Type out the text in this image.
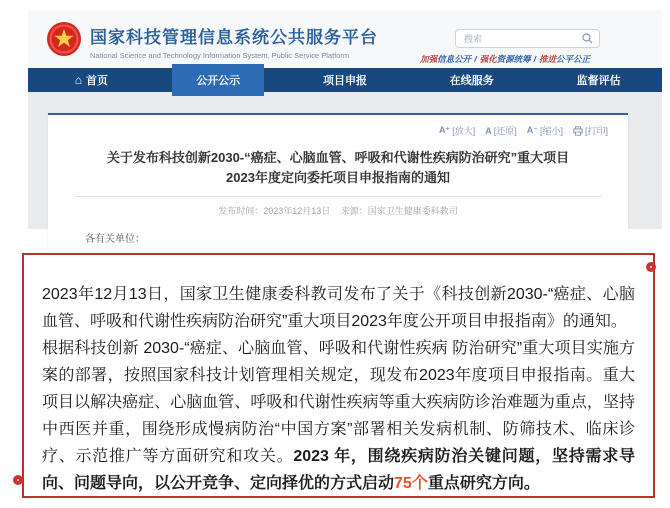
国家科技管理信息系统公共服务平台
National Science and Technology Information System, Public Service Platform
搜索	加强信息公开 / 强化资源统筹 / 推进公平公正
⌂ 首页	公开公示	项目申报	在线服务	监督评估
A⁺ [放大] A [还原] A⁻ [缩小] [打印]
关于发布科技创新2030-“癌症、心脑血管、呼吸和代谢性疾病防治研究”重大项目
2023年度定向委托项目申报指南的通知
发布时间：2023年12月13日 来源：国家卫生健康委科教司
各有关单位：

2023年12月13日，国家卫生健康委科教司发布了关于《科技创新2030-“癌症、心脑血管、呼吸和代谢性疾病防治研究”重大项目2023年度公开项目申报指南》的通知。

根据科技创新 2030-“癌症、心脑血管、呼吸和代谢性疾病 防治研究”重大项目实施方案的部署，按照国家科技计划管理相关规定，现发布2023年度项目申报指南。重大项目以解决癌症、心脑血管、呼吸和代谢性疾病等重大疾病防诊治难题为重点，坚持中西医并重，围绕形成慢病防治“中国方案”部署相关发病机制、防筛技术、临床诊疗、示范推广等方面研究和攻关。2023 年，围绕疾病防治关键问题，坚持需求导向、问题导向，以公开竞争、定向择优的方式启动75个重点研究方向。
